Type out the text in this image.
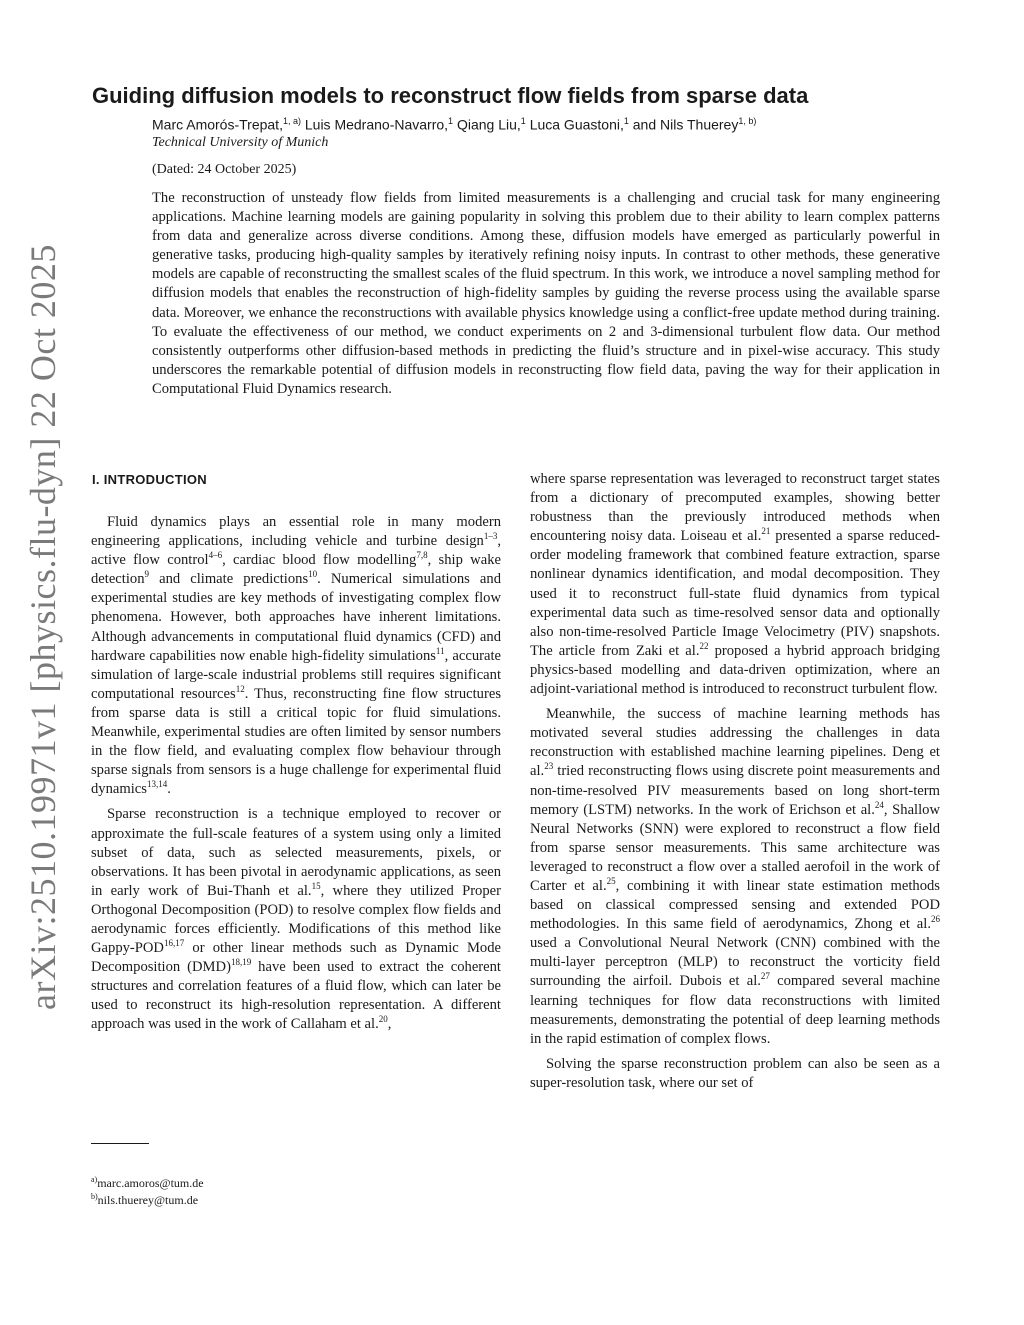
arXiv:2510.19971v1 [physics.flu-dyn] 22 Oct 2025
Guiding diffusion models to reconstruct flow fields from sparse data
Marc Amorós-Trepat,$^{1, a)}$ Luis Medrano-Navarro,$^1$ Qiang Liu,$^1$ Luca Guastoni,$^1$ and Nils Thuerey$^{1, b)}$
Technical University of Munich
(Dated: 24 October 2025)

The reconstruction of unsteady flow fields from limited measurements is a challenging and crucial task for many engineering applications. Machine learning models are gaining popularity in solving this problem due to their ability to learn complex patterns from data and generalize across diverse conditions. Among these, diffusion models have emerged as particularly powerful in generative tasks, producing high-quality samples by iteratively refining noisy inputs. In contrast to other methods, these generative models are capable of reconstructing the smallest scales of the fluid spectrum. In this work, we introduce a novel sampling method for diffusion models that enables the reconstruction of high-fidelity samples by guiding the reverse process using the available sparse data. Moreover, we enhance the reconstructions with available physics knowledge using a conflict-free update method during training. To evaluate the effectiveness of our method, we conduct experiments on 2 and 3-dimensional turbulent flow data. Our method consistently outperforms other diffusion-based methods in predicting the fluid’s structure and in pixel-wise accuracy. This study underscores the remarkable potential of diffusion models in reconstructing flow field data, paving the way for their application in Computational Fluid Dynamics research.

I. INTRODUCTION

Fluid dynamics plays an essential role in many modern engineering applications, including vehicle and turbine design$^{1-3}$, active flow control$^{4-6}$, cardiac blood flow modelling$^{7,8}$, ship wake detection$^9$ and climate predictions$^{10}$. Numerical simulations and experimental studies are key methods of investigating complex flow phenomena. However, both approaches have inherent limitations. Although advancements in computational fluid dynamics (CFD) and hardware capabilities now enable high-fidelity simulations$^{11}$, accurate simulation of large-scale industrial problems still requires significant computational resources$^{12}$. Thus, reconstructing fine flow structures from sparse data is still a critical topic for fluid simulations. Meanwhile, experimental studies are often limited by sensor numbers in the flow field, and evaluating complex flow behaviour through sparse signals from sensors is a huge challenge for experimental fluid dynamics$^{13,14}$.

Sparse reconstruction is a technique employed to recover or approximate the full-scale features of a system using only a limited subset of data, such as selected measurements, pixels, or observations. It has been pivotal in aerodynamic applications, as seen in early work of Bui-Thanh et al.$^{15}$, where they utilized Proper Orthogonal Decomposition (POD) to resolve complex flow fields and aerodynamic forces efficiently. Modifications of this method like Gappy-POD$^{16,17}$ or other linear methods such as Dynamic Mode Decomposition (DMD)$^{18,19}$ have been used to extract the coherent structures and correlation features of a fluid flow, which can later be used to reconstruct its high-resolution representation. A different approach was used in the work of Callaham et al.$^{20}$,

where sparse representation was leveraged to reconstruct target states from a dictionary of precomputed examples, showing better robustness than the previously introduced methods when encountering noisy data. Loiseau et al.$^{21}$ presented a sparse reduced-order modeling framework that combined feature extraction, sparse nonlinear dynamics identification, and modal decomposition. They used it to reconstruct full-state fluid dynamics from typical experimental data such as time-resolved sensor data and optionally also non-time-resolved Particle Image Velocimetry (PIV) snapshots. The article from Zaki et al.$^{22}$ proposed a hybrid approach bridging physics-based modelling and data-driven optimization, where an adjoint-variational method is introduced to reconstruct turbulent flow.

Meanwhile, the success of machine learning methods has motivated several studies addressing the challenges in data reconstruction with established machine learning pipelines. Deng et al.$^{23}$ tried reconstructing flows using discrete point measurements and non-time-resolved PIV measurements based on long short-term memory (LSTM) networks. In the work of Erichson et al.$^{24}$, Shallow Neural Networks (SNN) were explored to reconstruct a flow field from sparse sensor measurements. This same architecture was leveraged to reconstruct a flow over a stalled aerofoil in the work of Carter et al.$^{25}$, combining it with linear state estimation methods based on classical compressed sensing and extended POD methodologies. In this same field of aerodynamics, Zhong et al.$^{26}$ used a Convolutional Neural Network (CNN) combined with the multi-layer perceptron (MLP) to reconstruct the vorticity field surrounding the airfoil. Dubois et al.$^{27}$ compared several machine learning techniques for flow data reconstructions with limited measurements, demonstrating the potential of deep learning methods in the rapid estimation of complex flows.

Solving the sparse reconstruction problem can also be seen as a super-resolution task, where our set of

$^{a)}$marc.amoros@tum.de
$^{b)}$nils.thuerey@tum.de
